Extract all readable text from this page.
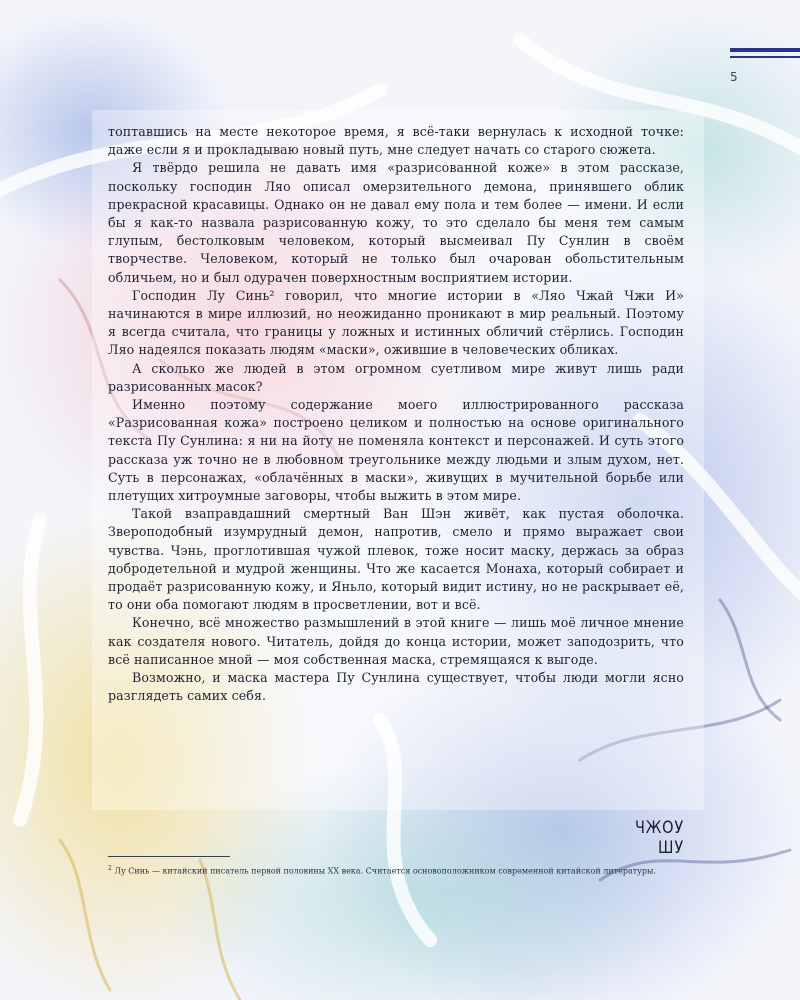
5

топтавшись на месте некоторое время, я всё-таки вернулась к исходной точке: даже если я и прокладываю новый путь, мне следует начать со старого сюжета.

Я твёрдо решила не давать имя «разрисованной коже» в этом рассказе, поскольку господин Ляо описал омерзительного демона, принявшего облик прекрасной красавицы. Однако он не давал ему пола и тем более — имени. И если бы я как-то назвала разрисованную кожу, то это сделало бы меня тем самым глупым, бестолковым человеком, который высмеивал Пу Сунлин в своём творчестве. Человеком, который не только был очарован обольстительным обличьем, но и был одурачен поверхностным восприятием истории.

Господин Лу Синь² говорил, что многие истории в «Ляо Чжай Чжи И» начинаются в мире иллюзий, но неожиданно проникают в мир реальный. Поэтому я всегда считала, что границы у ложных и истинных обличий стёрлись. Господин Ляо надеялся показать людям «маски», ожившие в человеческих обликах.

А сколько же людей в этом огромном суетливом мире живут лишь ради разрисованных масок?

Именно поэтому содержание моего иллюстрированного рассказа «Разрисованная кожа» построено целиком и полностью на основе оригинального текста Пу Сунлина: я ни на йоту не поменяла контекст и персонажей. И суть этого рассказа уж точно не в любовном треугольнике между людьми и злым духом, нет. Суть в персонажах, «облачённых в маски», живущих в мучительной борьбе или плетущих хитроумные заговоры, чтобы выжить в этом мире.

Такой взаправдашний смертный Ван Шэн живёт, как пустая оболочка. Звероподобный изумрудный демон, напротив, смело и прямо выражает свои чувства. Чэнь, проглотившая чужой плевок, тоже носит маску, держась за образ добродетельной и мудрой женщины. Что же касается Монаха, который собирает и продаёт разрисованную кожу, и Яньло, который видит истину, но не раскрывает её, то они оба помогают людям в просветлении, вот и всё.

Конечно, всё множество размышлений в этой книге — лишь моё личное мнение как создателя нового. Читатель, дойдя до конца истории, может заподозрить, что всё написанное мной — моя собственная маска, стремящаяся к выгоде.

Возможно, и маска мастера Пу Сунлина существует, чтобы люди могли ясно разглядеть самих себя.

ЧЖОУ ШУ
$^2$ Лу Синь — китайский писатель первой половины XX века. Считается основоположником современной китайской литературы.
